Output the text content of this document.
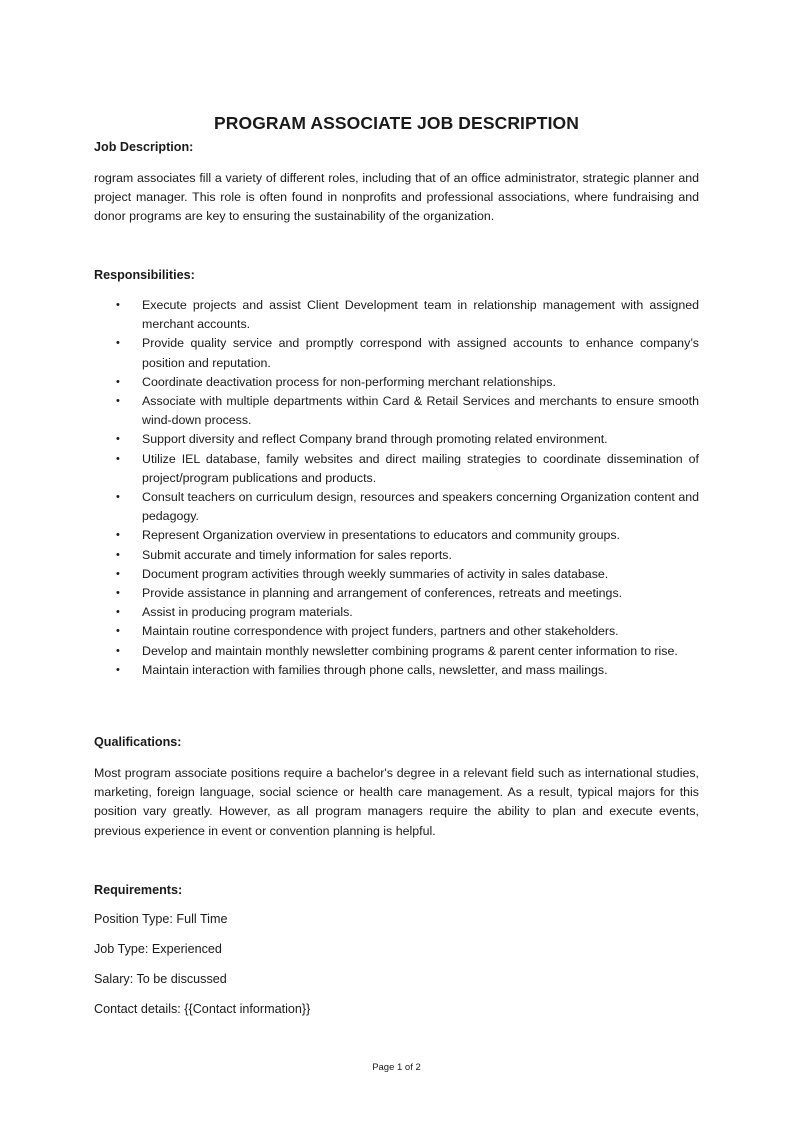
PROGRAM ASSOCIATE JOB DESCRIPTION
Job Description:
rogram associates fill a variety of different roles, including that of an office administrator, strategic planner and project manager. This role is often found in nonprofits and professional associations, where fundraising and donor programs are key to ensuring the sustainability of the organization.
Responsibilities:
• Execute projects and assist Client Development team in relationship management with assigned merchant accounts.
• Provide quality service and promptly correspond with assigned accounts to enhance company’s position and reputation.
• Coordinate deactivation process for non-performing merchant relationships.
• Associate with multiple departments within Card & Retail Services and merchants to ensure smooth wind-down process.
• Support diversity and reflect Company brand through promoting related environment.
• Utilize IEL database, family websites and direct mailing strategies to coordinate dissemination of project/program publications and products.
• Consult teachers on curriculum design, resources and speakers concerning Organization content and pedagogy.
• Represent Organization overview in presentations to educators and community groups.
• Submit accurate and timely information for sales reports.
• Document program activities through weekly summaries of activity in sales database.
• Provide assistance in planning and arrangement of conferences, retreats and meetings.
• Assist in producing program materials.
• Maintain routine correspondence with project funders, partners and other stakeholders.
• Develop and maintain monthly newsletter combining programs & parent center information to rise.
• Maintain interaction with families through phone calls, newsletter, and mass mailings.
Qualifications:
Most program associate positions require a bachelor's degree in a relevant field such as international studies, marketing, foreign language, social science or health care management. As a result, typical majors for this position vary greatly. However, as all program managers require the ability to plan and execute events, previous experience in event or convention planning is helpful.
Requirements:
Position Type: Full Time
Job Type: Experienced
Salary: To be discussed
Contact details: {{Contact information}}
Page 1 of 2
